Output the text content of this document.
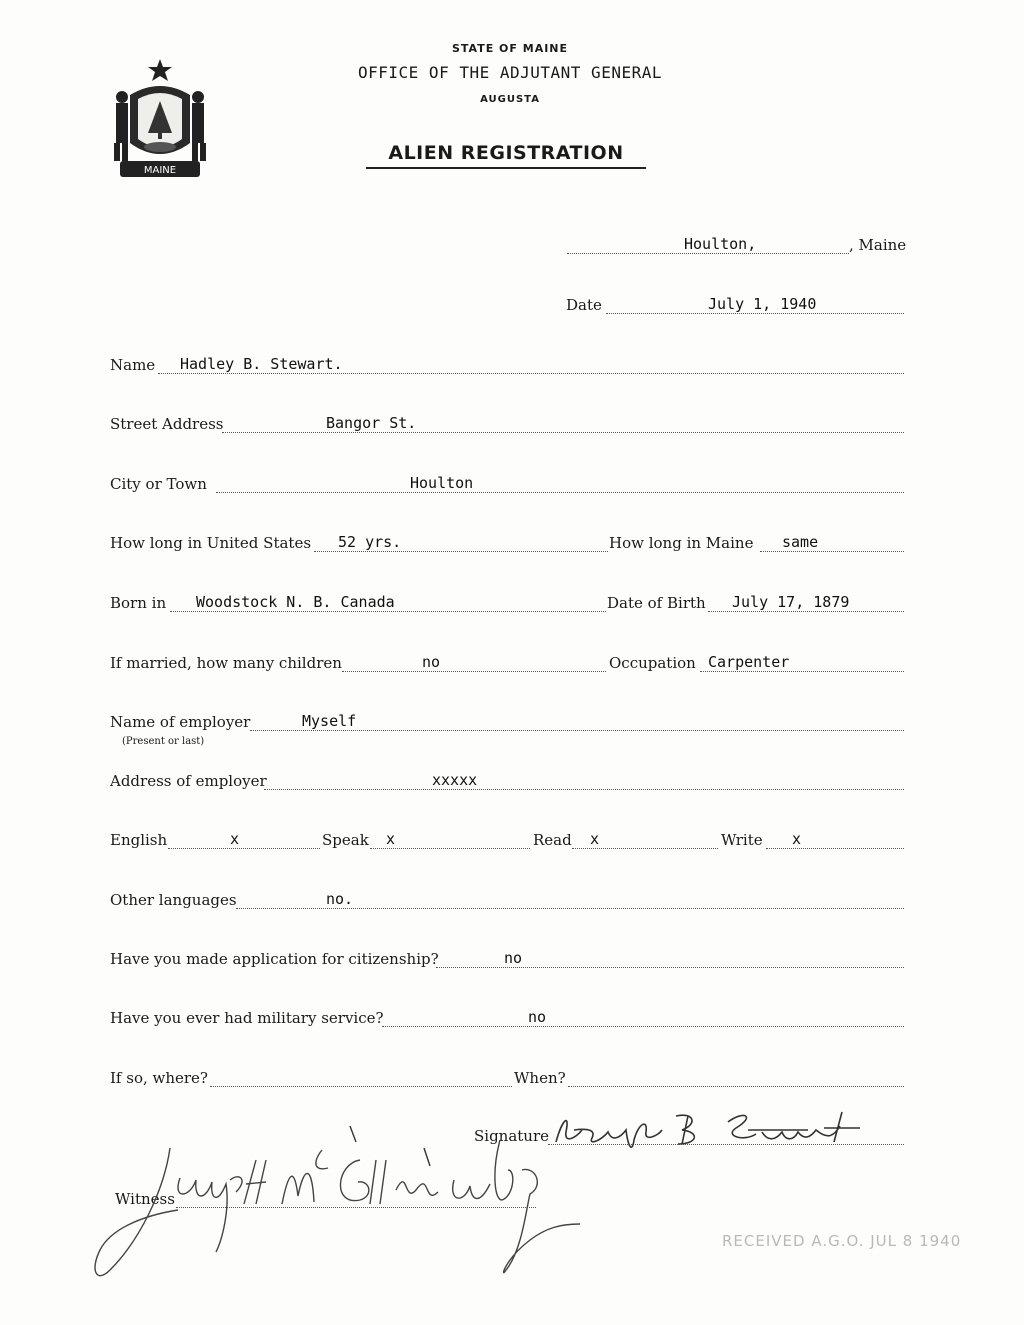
MAINE
STATE OF MAINE
OFFICE OF THE ADJUTANT GENERAL
AUGUSTA
ALIEN REGISTRATION
Houlton,	, Maine
Date	July 1, 1940
Name Hadley B. Stewart.
Street Address	Bangor St.
City or Town	Houlton
How long in United States 52 yrs.	How long in Maine same
Born in Woodstock N. B. Canada	Date of Birth July 17, 1879
If married, how many children	no	Occupation Carpenter
Name of employer	Myself
(Present or last)
Address of employer	xxxxx
English	x	Speak x	Read x	Write x
Other languages	no.
Have you made application for citizenship?	no
Have you ever had military service?	no
If so, where?	When?
Signature
Witness
RECEIVED A.G.O. JUL 8 1940
